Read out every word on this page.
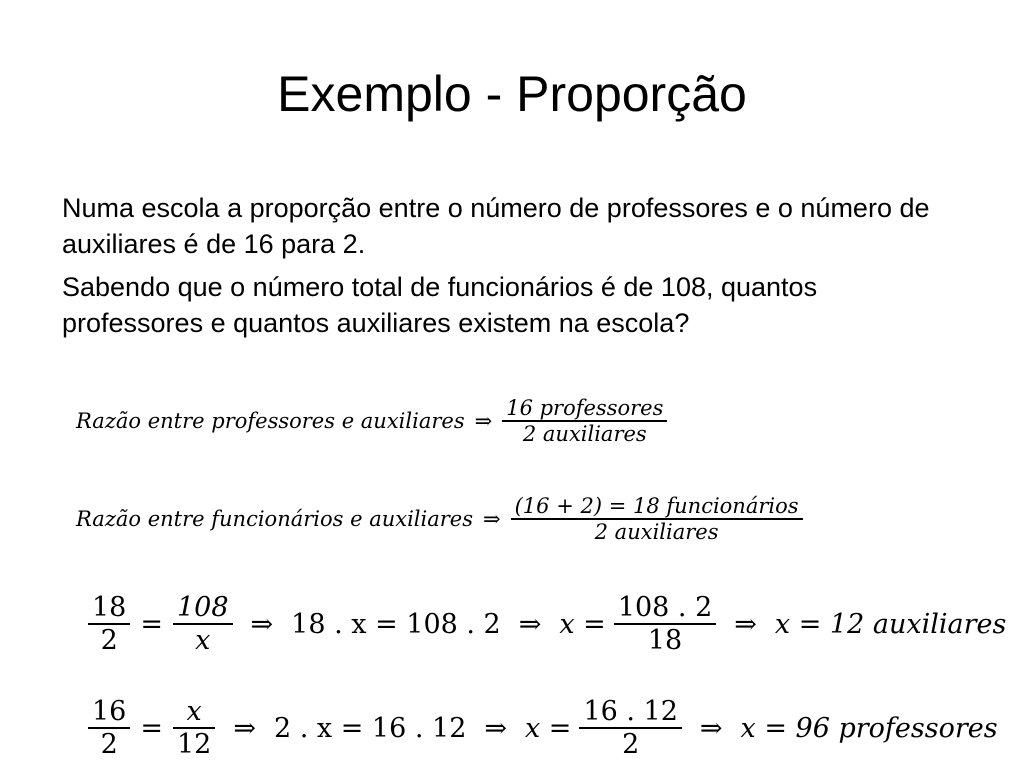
Exemplo - Proporção

Numa escola a proporção entre o número de professores e o número de auxiliares é de 16 para 2.

Sabendo que o número total de funcionários é de 108, quantos professores e quantos auxiliares existem na escola?

Razão entre professores e auxiliares ⇒ $\frac{\text{16 professores}}{\text{2 auxiliares}}$
Razão entre funcionários e auxiliares ⇒ $\frac{\text{(16 + 2) = 18 funcionários}}{\text{2 auxiliares}}$
$\frac{18}{2} = \frac{108}{x}$ ⇒ 18 . x = 108 . 2 ⇒ $x = \frac{108 . 2}{18}$ ⇒ x = 12 auxiliares
$\frac{16}{2} = \frac{x}{12}$ ⇒ 2 . x = 16 . 12 ⇒ $x = \frac{16 . 12}{2}$ ⇒ x = 96 professores
